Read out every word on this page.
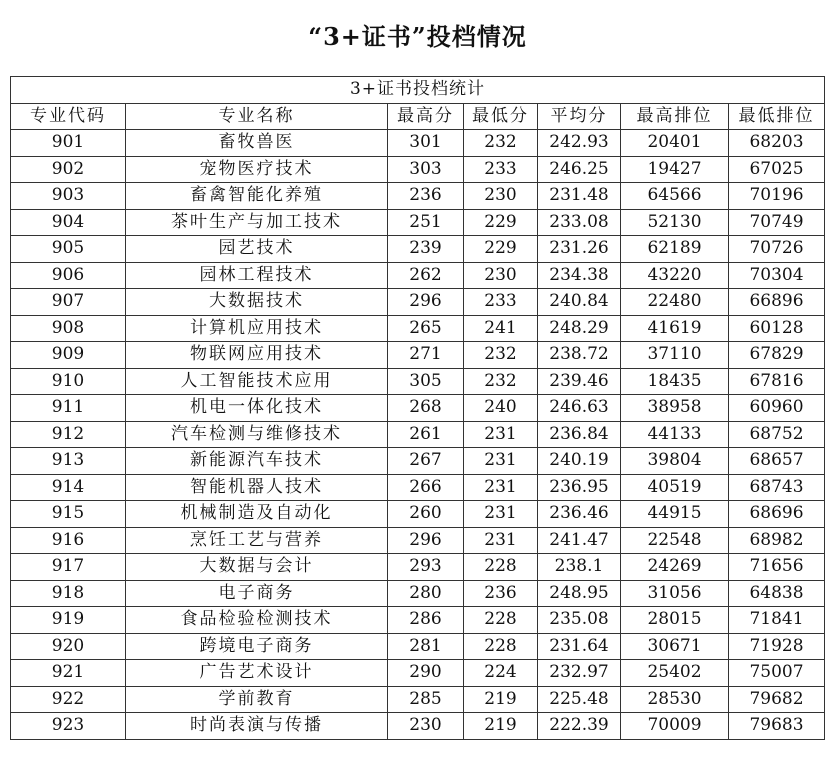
“3+证书”投档情况
3+证书投档统计						
专业代码	专业名称	最高分	最低分	平均分	最高排位	最低排位
901	畜牧兽医	301	232	242.93	20401	68203
902	宠物医疗技术	303	233	246.25	19427	67025
903	畜禽智能化养殖	236	230	231.48	64566	70196
904	茶叶生产与加工技术	251	229	233.08	52130	70749
905	园艺技术	239	229	231.26	62189	70726
906	园林工程技术	262	230	234.38	43220	70304
907	大数据技术	296	233	240.84	22480	66896
908	计算机应用技术	265	241	248.29	41619	60128
909	物联网应用技术	271	232	238.72	37110	67829
910	人工智能技术应用	305	232	239.46	18435	67816
911	机电一体化技术	268	240	246.63	38958	60960
912	汽车检测与维修技术	261	231	236.84	44133	68752
913	新能源汽车技术	267	231	240.19	39804	68657
914	智能机器人技术	266	231	236.95	40519	68743
915	机械制造及自动化	260	231	236.46	44915	68696
916	烹饪工艺与营养	296	231	241.47	22548	68982
917	大数据与会计	293	228	238.1	24269	71656
918	电子商务	280	236	248.95	31056	64838
919	食品检验检测技术	286	228	235.08	28015	71841
920	跨境电子商务	281	228	231.64	30671	71928
921	广告艺术设计	290	224	232.97	25402	75007
922	学前教育	285	219	225.48	28530	79682
923	时尚表演与传播	230	219	222.39	70009	79683
